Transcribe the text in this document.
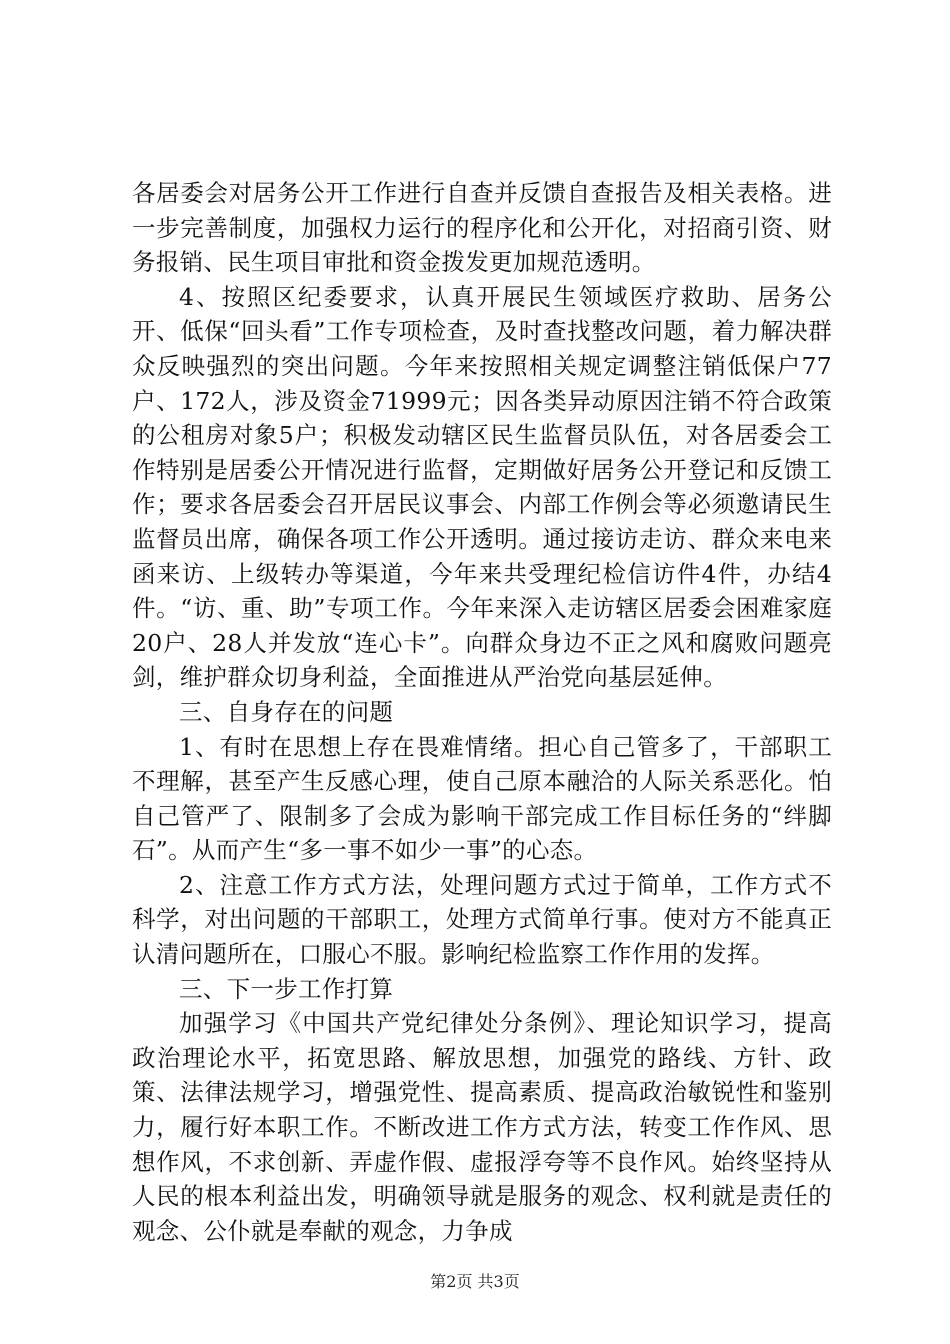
各居委会对居务公开工作进行自查并反馈自查报告及相关表格。进一步完善制度，加强权力运行的程序化和公开化，对招商引资、财务报销、民生项目审批和资金拨发更加规范透明。

4、按照区纪委要求，认真开展民生领域医疗救助、居务公开、低保“回头看”工作专项检查，及时查找整改问题，着力解决群众反映强烈的突出问题。今年来按照相关规定调整注销低保户77户、172人，涉及资金71999元；因各类异动原因注销不符合政策的公租房对象5户；积极发动辖区民生监督员队伍，对各居委会工作特别是居委公开情况进行监督，定期做好居务公开登记和反馈工作；要求各居委会召开居民议事会、内部工作例会等必须邀请民生监督员出席，确保各项工作公开透明。通过接访走访、群众来电来函来访、上级转办等渠道，今年来共受理纪检信访件4件，办结4件。“访、重、助”专项工作。今年来深入走访辖区居委会困难家庭20户、28人并发放“连心卡”。向群众身边不正之风和腐败问题亮剑，维护群众切身利益，全面推进从严治党向基层延伸。

三、自身存在的问题

1、有时在思想上存在畏难情绪。担心自己管多了，干部职工不理解，甚至产生反感心理，使自己原本融洽的人际关系恶化。怕自己管严了、限制多了会成为影响干部完成工作目标任务的“绊脚石”。从而产生“多一事不如少一事”的心态。

2、注意工作方式方法，处理问题方式过于简单，工作方式不科学，对出问题的干部职工，处理方式简单行事。使对方不能真正认清问题所在，口服心不服。影响纪检监察工作作用的发挥。

三、下一步工作打算

加强学习《中国共产党纪律处分条例》、理论知识学习，提高政治理论水平，拓宽思路、解放思想，加强党的路线、方针、政策、法律法规学习，增强党性、提高素质、提高政治敏锐性和鉴别力，履行好本职工作。不断改进工作方式方法，转变工作作风、思想作风，不求创新、弄虚作假、虚报浮夸等不良作风。始终坚持从人民的根本利益出发，明确领导就是服务的观念、权利就是责任的观念、公仆就是奉献的观念，力争成

第2页 共3页
